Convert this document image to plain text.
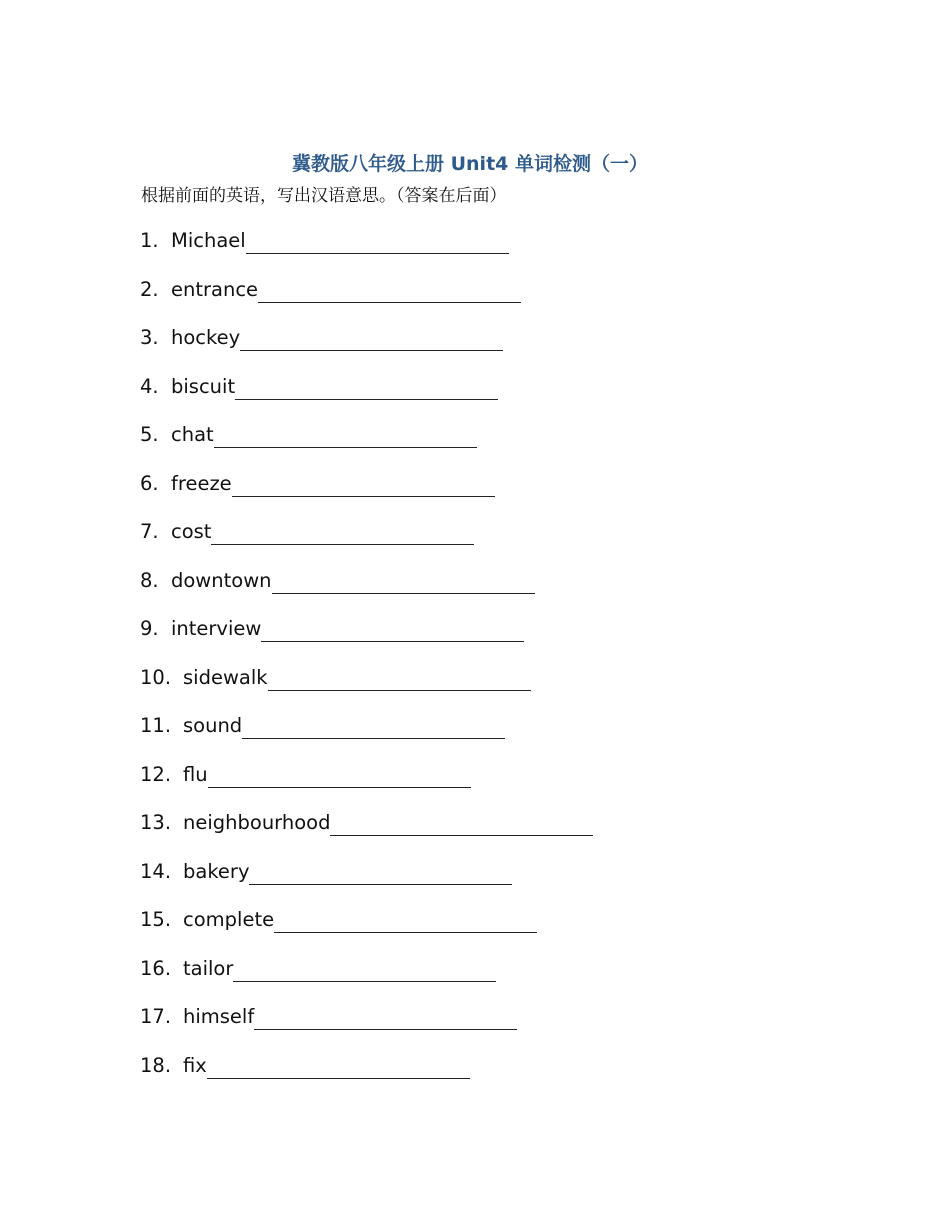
冀教版八年级上册 Unit4 单词检测（一）
根据前面的英语，写出汉语意思。（答案在后面）
1. Michael
2. entrance
3. hockey
4. biscuit
5. chat
6. freeze
7. cost
8. downtown
9. interview
10. sidewalk
11. sound
12. flu
13. neighbourhood
14. bakery
15. complete
16. tailor
17. himself
18. fix
